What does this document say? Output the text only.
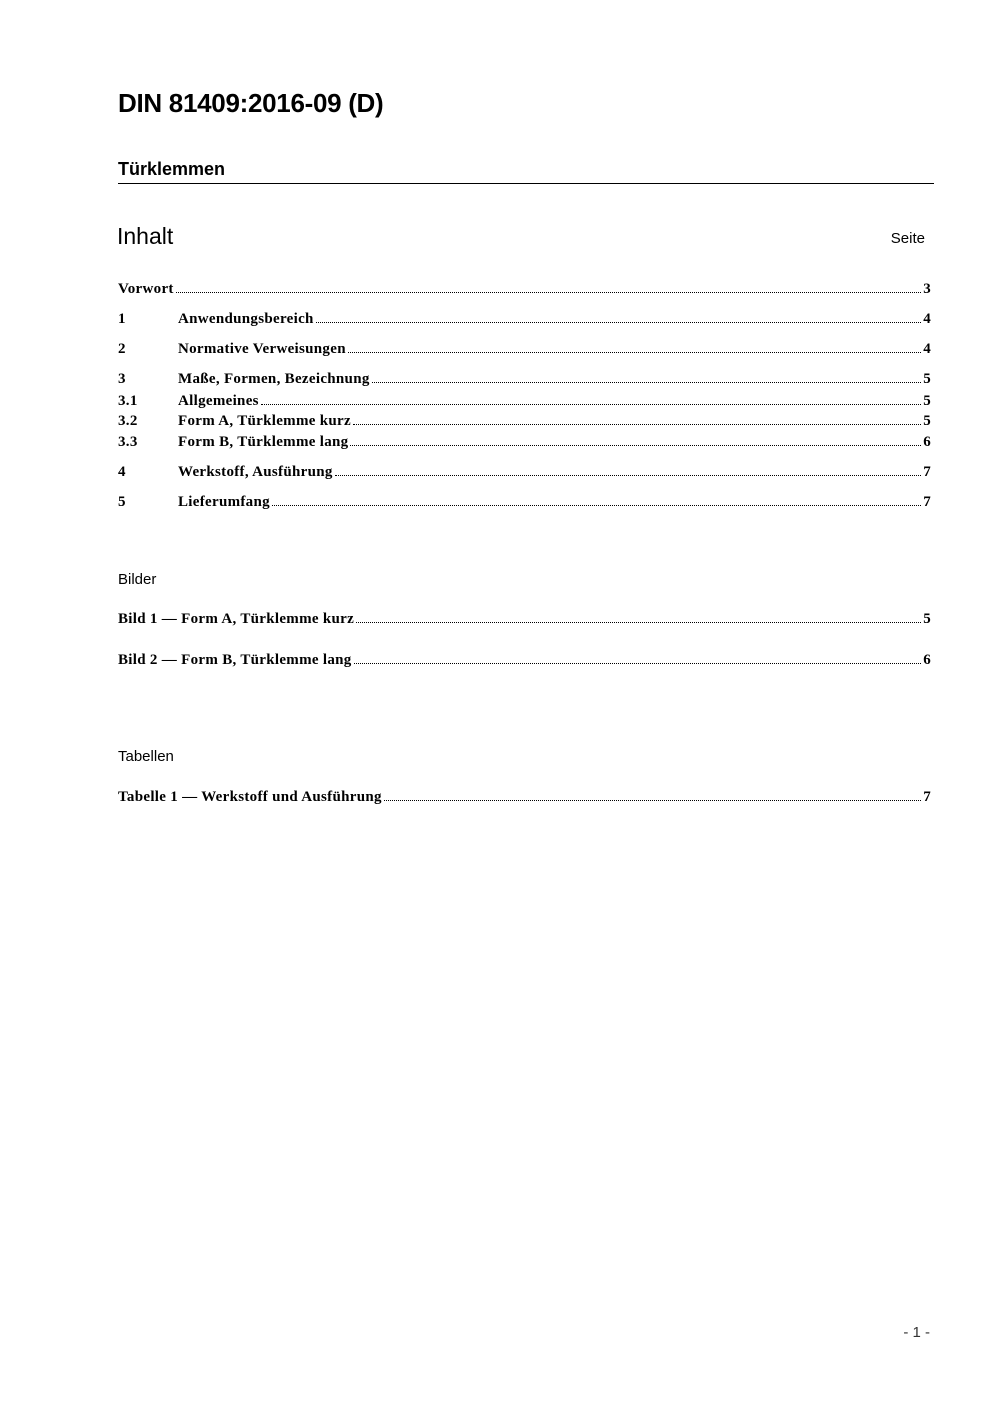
DIN 81409:2016-09 (D)
Türklemmen
Inhalt	Seite
Vorwort	3
1	Anwendungsbereich	4
2	Normative Verweisungen	4
3	Maße, Formen, Bezeichnung	5
3.1	Allgemeines	5
3.2	Form A, Türklemme kurz	5
3.3	Form B, Türklemme lang	6
4	Werkstoff, Ausführung	7
5	Lieferumfang	7
Bilder
Bild 1 — Form A, Türklemme kurz	5
Bild 2 — Form B, Türklemme lang	6
Tabellen
Tabelle 1 — Werkstoff und Ausführung	7
- 1 -
